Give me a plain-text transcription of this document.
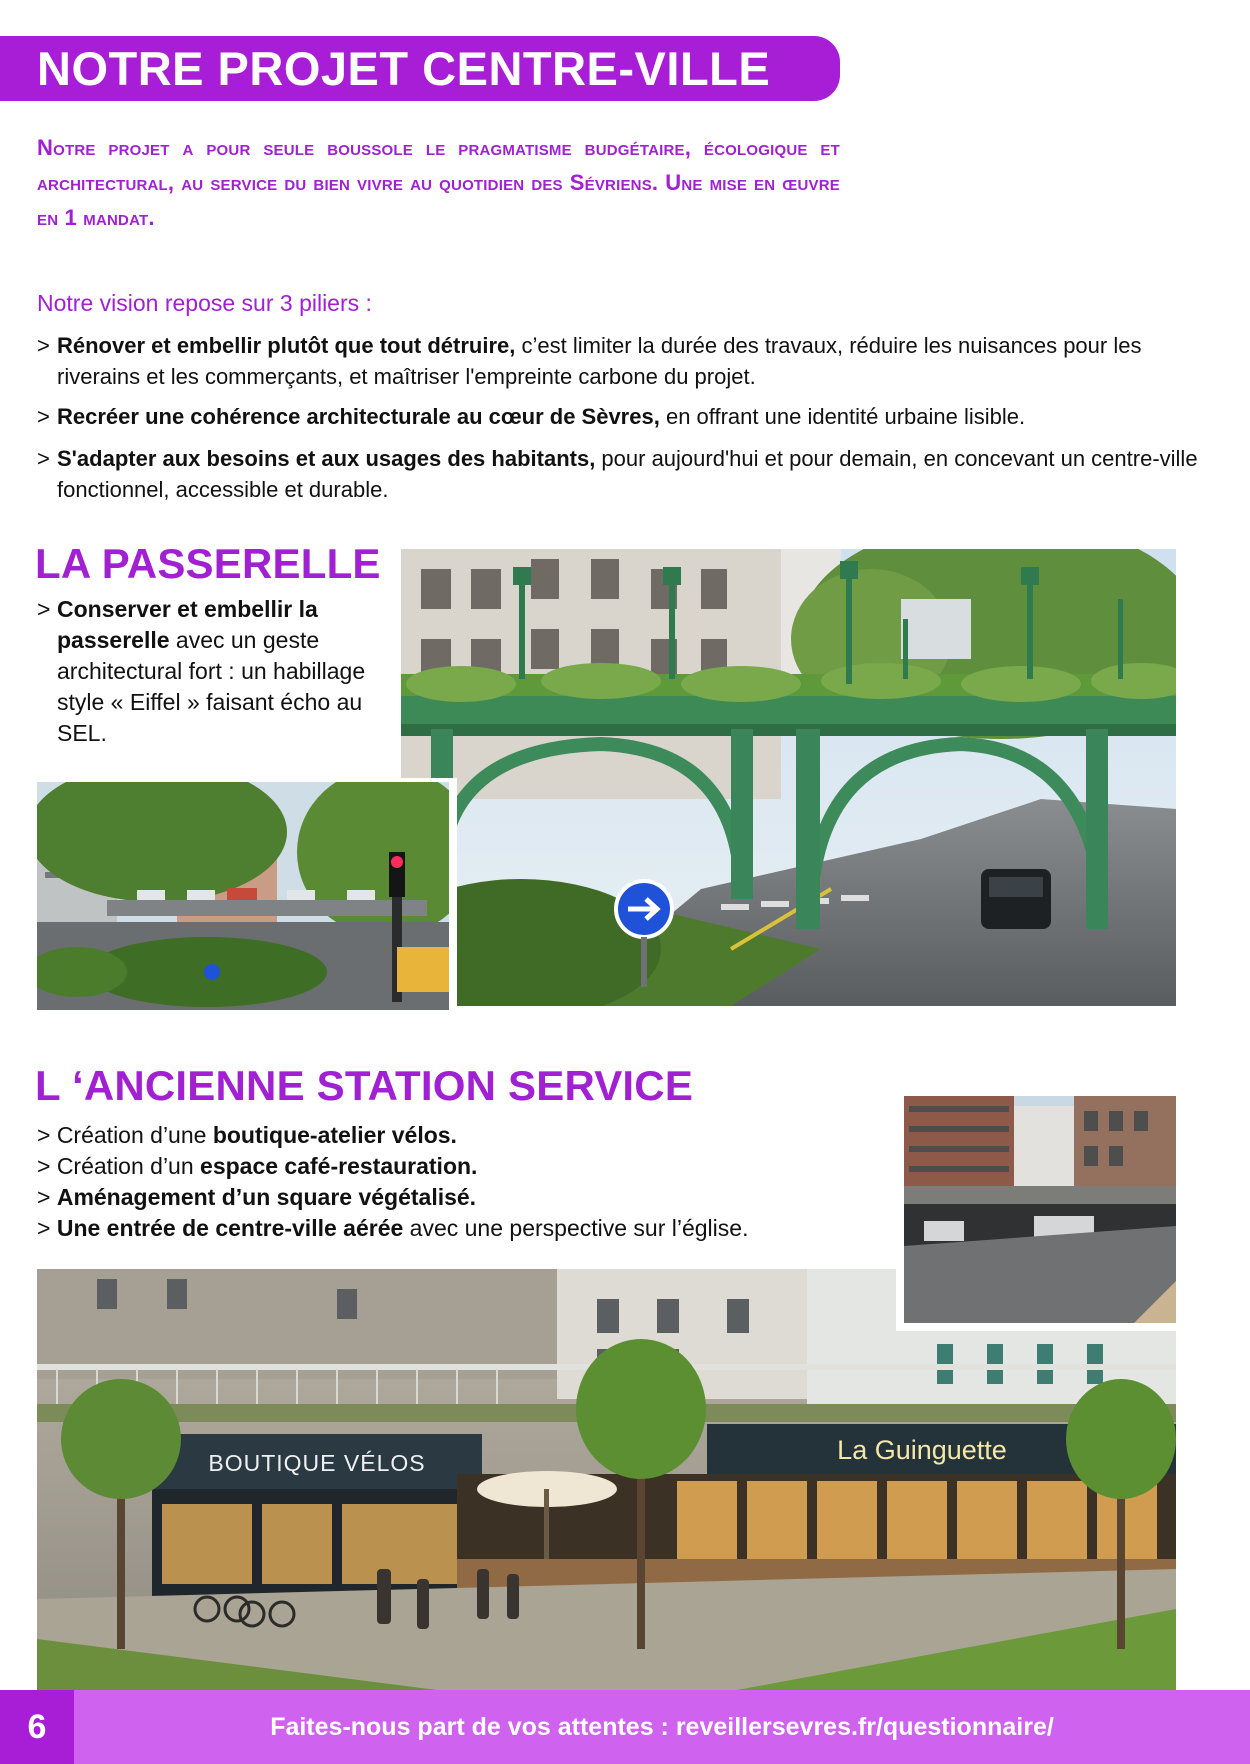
NOTRE PROJET CENTRE-VILLE
Notre projet a pour seule boussole le pragmatisme budgétaire, écologique et architectural, au service du bien vivre au quotidien des Sévriens. Une mise en œuvre en 1 mandat.
Notre vision repose sur 3 piliers :
> Rénover et embellir plutôt que tout détruire, c’est limiter la durée des travaux, réduire les nuisances pour les riverains et les commerçants, et maîtriser l'empreinte carbone du projet.
> Recréer une cohérence architecturale au cœur de Sèvres, en offrant une identité urbaine lisible.
> S'adapter aux besoins et aux usages des habitants, pour aujourd'hui et pour demain, en concevant un centre-ville fonctionnel, accessible et durable.
LA PASSERELLE
> Conserver et embellir la passerelle avec un geste architectural fort : un habillage style « Eiffel » faisant écho au SEL.
L ‘ANCIENNE STATION SERVICE
> Création d’une boutique-atelier vélos.
> Création d’un espace café-restauration.
> Aménagement d’un square végétalisé.
> Une entrée de centre-ville aérée avec une perspective sur l’église.
BOUTIQUE VÉLOS	La Guinguette
6	Faites-nous part de vos attentes : reveillersevres.fr/questionnaire/
